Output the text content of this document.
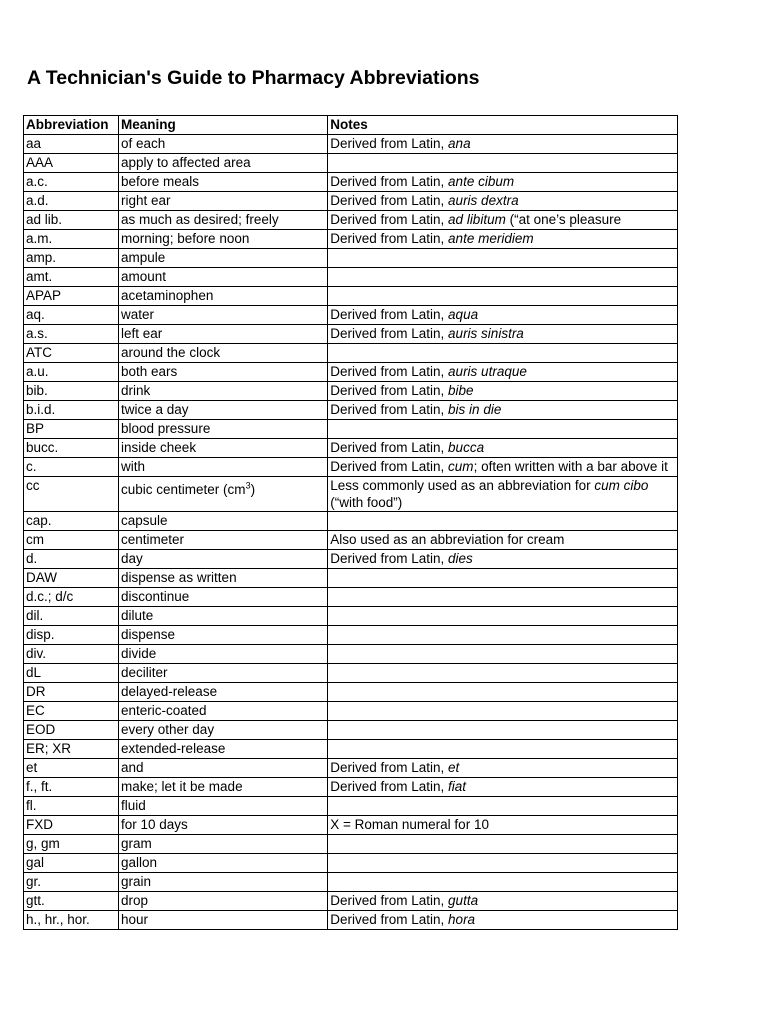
A Technician's Guide to Pharmacy Abbreviations
Abbreviation	Meaning	Notes
aa	of each	Derived from Latin, ana
AAA	apply to affected area	
a.c.	before meals	Derived from Latin, ante cibum
a.d.	right ear	Derived from Latin, auris dextra
ad lib.	as much as desired; freely	Derived from Latin, ad libitum (“at one’s pleasure
a.m.	morning; before noon	Derived from Latin, ante meridiem
amp.	ampule	
amt.	amount	
APAP	acetaminophen	
aq.	water	Derived from Latin, aqua
a.s.	left ear	Derived from Latin, auris sinistra
ATC	around the clock	
a.u.	both ears	Derived from Latin, auris utraque
bib.	drink	Derived from Latin, bibe
b.i.d.	twice a day	Derived from Latin, bis in die
BP	blood pressure	
bucc.	inside cheek	Derived from Latin, bucca
c.	with	Derived from Latin, cum; often written with a bar above it
cc	cubic centimeter $(cm^3)$	Less commonly used as an abbreviation for cum cibo (“with food”)
cap.	capsule	
cm	centimeter	Also used as an abbreviation for cream
d.	day	Derived from Latin, dies
DAW	dispense as written	
d.c.; d/c	discontinue	
dil.	dilute	
disp.	dispense	
div.	divide	
dL	deciliter	
DR	delayed-release	
EC	enteric-coated	
EOD	every other day	
ER; XR	extended-release	
et	and	Derived from Latin, et
f., ft.	make; let it be made	Derived from Latin, fiat
fl.	fluid	
FXD	for 10 days	X = Roman numeral for 10
g, gm	gram	
gal	gallon	
gr.	grain	
gtt.	drop	Derived from Latin, gutta
h., hr., hor.	hour	Derived from Latin, hora
